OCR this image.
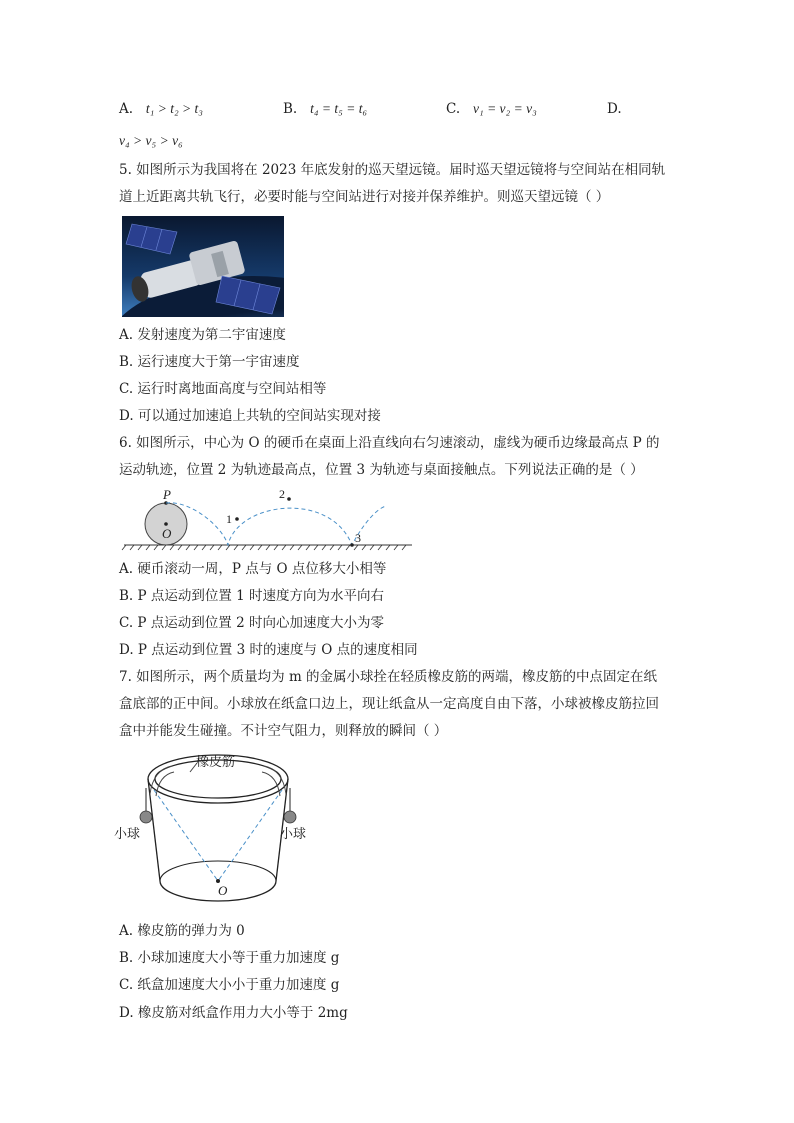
A. t₁ > t₂ > t₃	B. t₄ = t₅ = t₆	C. v₁ = v₂ = v₃	D.
v₄ > v₅ > v₆
5. 如图所示为我国将在 2023 年底发射的巡天望远镜。届时巡天望远镜将与空间站在相同轨
道上近距离共轨飞行，必要时能与空间站进行对接并保养维护。则巡天望远镜（ ）
A. 发射速度为第二宇宙速度
B. 运行速度大于第一宇宙速度
C. 运行时离地面高度与空间站相等
D. 可以通过加速追上共轨的空间站实现对接
6. 如图所示，中心为 O 的硬币在桌面上沿直线向右匀速滚动，虚线为硬币边缘最高点 P 的
运动轨迹，位置 2 为轨迹最高点，位置 3 为轨迹与桌面接触点。下列说法正确的是（ ）
P
O
1
2
3
A. 硬币滚动一周，P 点与 O 点位移大小相等
B. P 点运动到位置 1 时速度方向为水平向右
C. P 点运动到位置 2 时向心加速度大小为零
D. P 点运动到位置 3 时的速度与 O 点的速度相同
7. 如图所示，两个质量均为 m 的金属小球拴在轻质橡皮筋的两端，橡皮筋的中点固定在纸
盒底部的正中间。小球放在纸盒口边上，现让纸盒从一定高度自由下落，小球被橡皮筋拉回
盒中并能发生碰撞。不计空气阻力，则释放的瞬间（ ）
橡皮筋
小球	小球
O
A. 橡皮筋的弹力为 0
B. 小球加速度大小等于重力加速度 g
C. 纸盒加速度大小小于重力加速度 g
D. 橡皮筋对纸盒作用力大小等于 2mg
